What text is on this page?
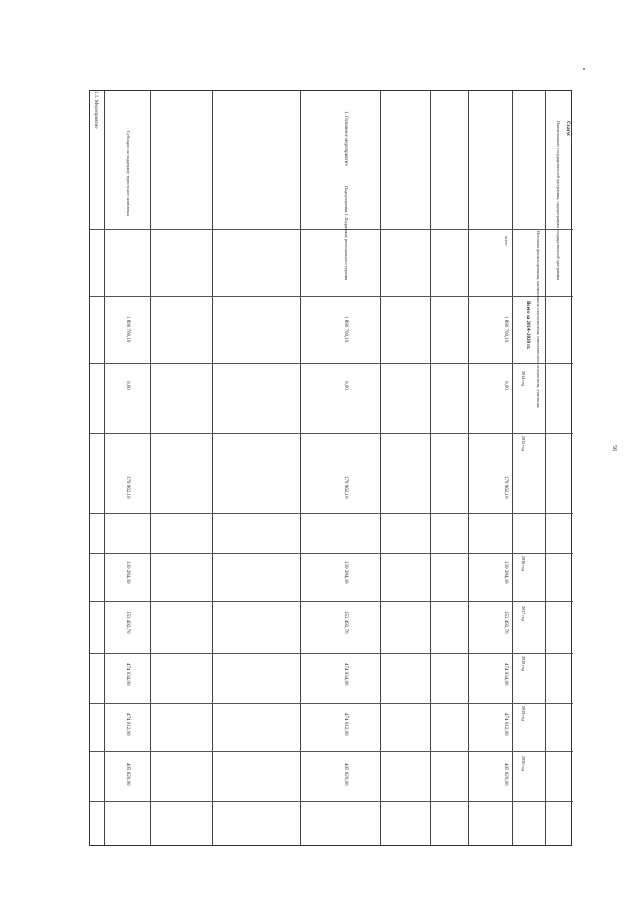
56
Статус
Наименование государственной программы, подпрограммы государственной программы
Источник финансирования, наименования соисполнителя, ответственного исполнителя, участника
Всего за 2014–2020 гг.
2014 год
2015 год
2016 год
2017 год
2018 год
2019 год
2020 год
всего
1 890 700,10
0,00
179 962,10
130 284,30
153 492,70
474 034,00
474 012,00
405 920,00
1. Основное мероприятие
Подпрограмма 1. Поддержка регионального туризма
1 890 700,10
0,00
179 962,10
130 284,30
153 492,70
474 034,00
474 012,00
405 920,00
1.1. Мероприятие
Субсидии на поддержку туристского комплекса
1 890 700,10
0,00
179 962,10
130 284,30
153 492,70
474 034,00
474 012,00
405 920,00
